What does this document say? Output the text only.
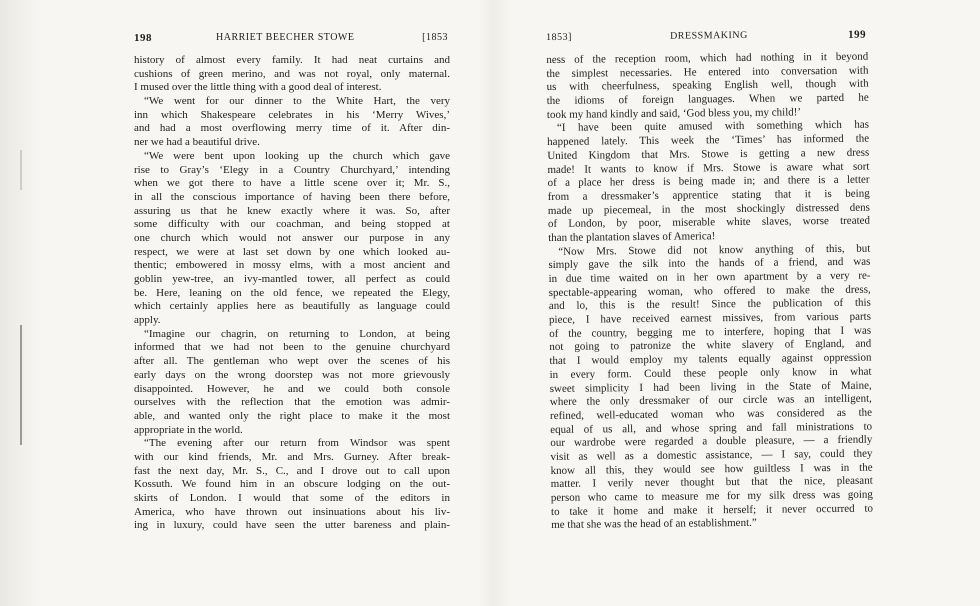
198	HARRIET BEECHER STOWE	[1853
history of almost every family. It had neat curtains and
cushions of green merino, and was not royal, only maternal.
I mused over the little thing with a good deal of interest.
“We went for our dinner to the White Hart, the very
inn which Shakespeare celebrates in his ‘Merry Wives,’
and had a most overflowing merry time of it. After din-
ner we had a beautiful drive.
“We were bent upon looking up the church which gave
rise to Gray’s ‘Elegy in a Country Churchyard,’ intending
when we got there to have a little scene over it; Mr. S.,
in all the conscious importance of having been there before,
assuring us that he knew exactly where it was. So, after
some difficulty with our coachman, and being stopped at
one church which would not answer our purpose in any
respect, we were at last set down by one which looked au-
thentic; embowered in mossy elms, with a most ancient and
goblin yew-tree, an ivy-mantled tower, all perfect as could
be. Here, leaning on the old fence, we repeated the Elegy,
which certainly applies here as beautifully as language could
apply.
“Imagine our chagrin, on returning to London, at being
informed that we had not been to the genuine churchyard
after all. The gentleman who wept over the scenes of his
early days on the wrong doorstep was not more grievously
disappointed. However, he and we could both console
ourselves with the reflection that the emotion was admir-
able, and wanted only the right place to make it the most
appropriate in the world.
“The evening after our return from Windsor was spent
with our kind friends, Mr. and Mrs. Gurney. After break-
fast the next day, Mr. S., C., and I drove out to call upon
Kossuth. We found him in an obscure lodging on the out-
skirts of London. I would that some of the editors in
America, who have thrown out insinuations about his liv-
ing in luxury, could have seen the utter bareness and plain-
1853]	DRESSMAKING	199
ness of the reception room, which had nothing in it beyond
the simplest necessaries. He entered into conversation with
us with cheerfulness, speaking English well, though with
the idioms of foreign languages. When we parted he
took my hand kindly and said, ‘God bless you, my child!’
“I have been quite amused with something which has
happened lately. This week the ‘Times’ has informed the
United Kingdom that Mrs. Stowe is getting a new dress
made! It wants to know if Mrs. Stowe is aware what sort
of a place her dress is being made in; and there is a letter
from a dressmaker’s apprentice stating that it is being
made up piecemeal, in the most shockingly distressed dens
of London, by poor, miserable white slaves, worse treated
than the plantation slaves of America!
“Now Mrs. Stowe did not know anything of this, but
simply gave the silk into the hands of a friend, and was
in due time waited on in her own apartment by a very re-
spectable-appearing woman, who offered to make the dress,
and lo, this is the result! Since the publication of this
piece, I have received earnest missives, from various parts
of the country, begging me to interfere, hoping that I was
not going to patronize the white slavery of England, and
that I would employ my talents equally against oppression
in every form. Could these people only know in what
sweet simplicity I had been living in the State of Maine,
where the only dressmaker of our circle was an intelligent,
refined, well-educated woman who was considered as the
equal of us all, and whose spring and fall ministrations to
our wardrobe were regarded a double pleasure, — a friendly
visit as well as a domestic assistance, — I say, could they
know all this, they would see how guiltless I was in the
matter. I verily never thought but that the nice, pleasant
person who came to measure me for my silk dress was going
to take it home and make it herself; it never occurred to
me that she was the head of an establishment.”
